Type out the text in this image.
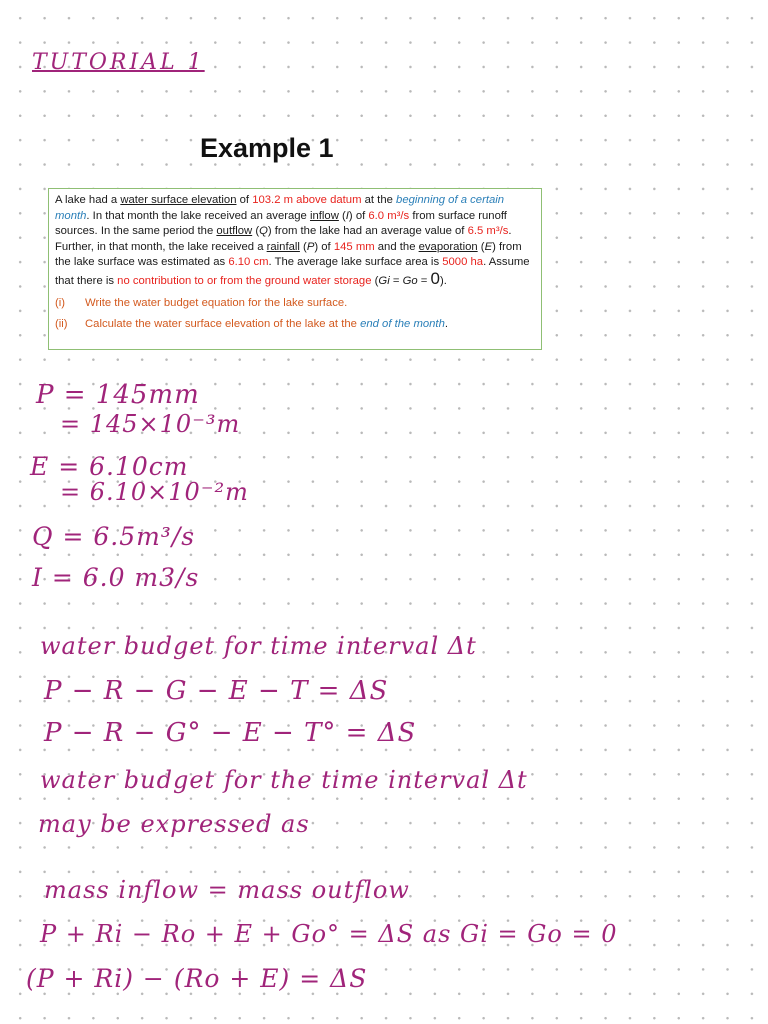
TUTORIAL 1
Example 1
A lake had a water surface elevation of 103.2 m above datum at the beginning of a certain month. In that month the lake received an average inflow (I) of 6.0 m³/s from surface runoff sources. In the same period the outflow (Q) from the lake had an average value of 6.5 m³/s. Further, in that month, the lake received a rainfall (P) of 145 mm and the evaporation (E) from the lake surface was estimated as 6.10 cm. The average lake surface area is 5000 ha. Assume that there is no contribution to or from the ground water storage (Gi = Go = 0).
(i)	Write the water budget equation for the lake surface.
(ii)	Calculate the water surface elevation of the lake at the end of the month.
P = 145mm
= 145×10⁻³m
E = 6.10cm
= 6.10×10⁻²m
Q = 6.5m³/s
I = 6.0 m3/s
water budget for time interval Δt
P − R − G − E − T = ΔS
P − R − G° − E − T° = ΔS
water budget for the time interval Δt
may be expressed as
mass inflow = mass outflow
P + Ri − Ro + E + Go° = ΔS as Gi = Go = 0
(P + Ri) − (Ro + E) = ΔS
